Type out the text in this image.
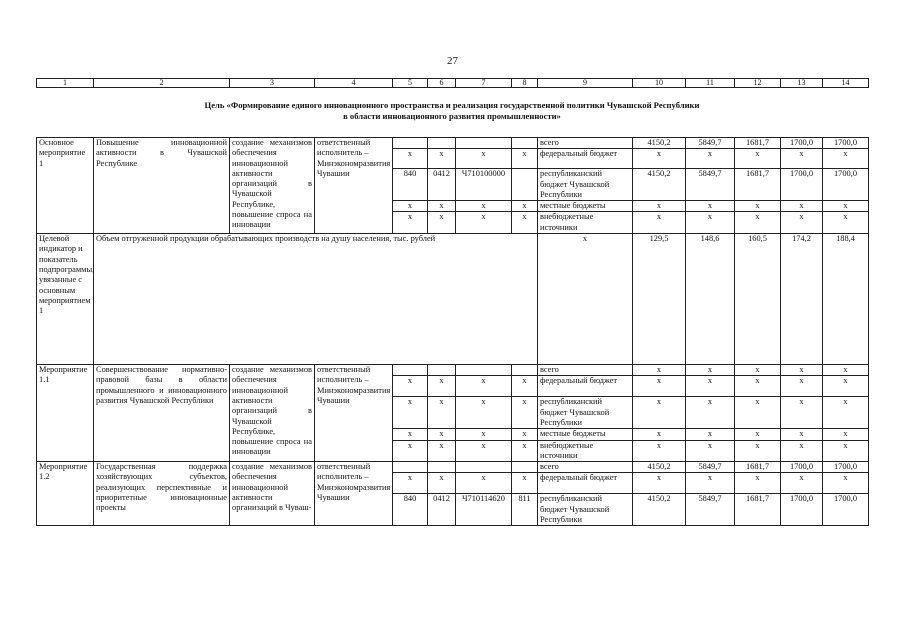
27
1	2	3	4	5	6	7	8	9	10	11	12	13	14
Цель «Формирование единого инновационного пространства и реализация государственной политики Чувашской Республики
в области инновационного развития промышленности»
Основное мероприятие 1	Повышение инновационной активности в Чувашской Республике	создание механизмов обеспечения инновационной активности организаций в Чувашской Республике, повышение спроса на инновации	ответственный исполнитель – Минэкономразвития Чувашии					всего	4150,2	5849,7	1681,7	1700,0	1700,0
				x	x	x	x	федеральный бюджет	x	x	x	x	x
				840	0412	Ч710100000		республиканский бюджет Чувашской Республики	4150,2	5849,7	1681,7	1700,0	1700,0
				x	x	x	x	местные бюджеты	x	x	x	x	x
				x	x	x	x	внебюджетные источники	x	x	x	x	x
Целевой индикатор и показатель подпрограммы, увязанные с основным мероприятием 1	Объем отгруженной продукции обрабатывающих производств на душу населения, тыс. рублей							x	129,5	148,6	160,5	174,2	188,4
Мероприятие 1.1	Совершенствование нормативно-правовой базы в области промышленного и инновационного развития Чувашской Республики	создание механизмов обеспечения инновационной активности организаций в Чувашской Республике, повышение спроса на инновации	ответственный исполнитель – Минэкономразвития Чувашии					всего	x	x	x	x	x
				x	x	x	x	федеральный бюджет	x	x	x	x	x
				x	x	x	x	республиканский бюджет Чувашской Республики	x	x	x	x	x
				x	x	x	x	местные бюджеты	x	x	x	x	x
				x	x	x	x	внебюджетные источники	x	x	x	x	x
Мероприятие 1.2	Государственная поддержка хозяйствующих субъектов, реализующих перспективные и приоритетные инновационные проекты	создание механизмов обеспечения инновационной активности организаций в Чуваш-	ответственный исполнитель – Минэкономразвития Чувашии					всего	4150,2	5849,7	1681,7	1700,0	1700,0
				x	x	x	x	федеральный бюджет	x	x	x	x	x
				840	0412	Ч710114620	811	республиканский бюджет Чувашской Республики	4150,2	5849,7	1681,7	1700,0	1700,0
